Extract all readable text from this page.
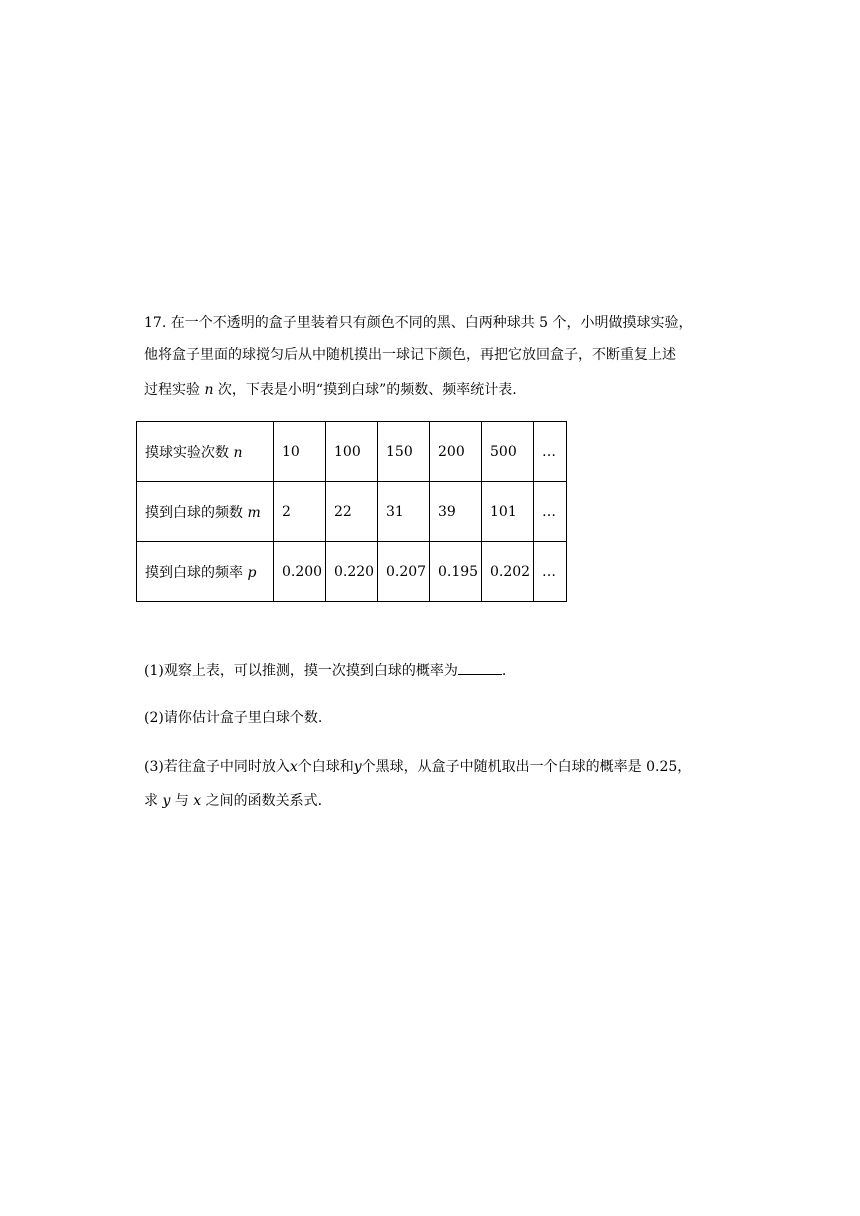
17. 在一个不透明的盒子里装着只有颜色不同的黑、白两种球共 5 个，小明做摸球实验，
他将盒子里面的球搅匀后从中随机摸出一球记下颜色，再把它放回盒子，不断重复上述
过程实验 n 次，下表是小明“摸到白球”的频数、频率统计表.
摸球实验次数 n	10	100	150	200	500	…
摸到白球的频数 m	2	22	31	39	101	…
摸到白球的频率 p	0.200	0.220	0.207	0.195	0.202	…
(1)观察上表，可以推测，摸一次摸到白球的概率为	.
(2)请你估计盒子里白球个数.
(3)若往盒子中同时放入x个白球和y个黑球，从盒子中随机取出一个白球的概率是 0.25，
求 y 与 x 之间的函数关系式.
